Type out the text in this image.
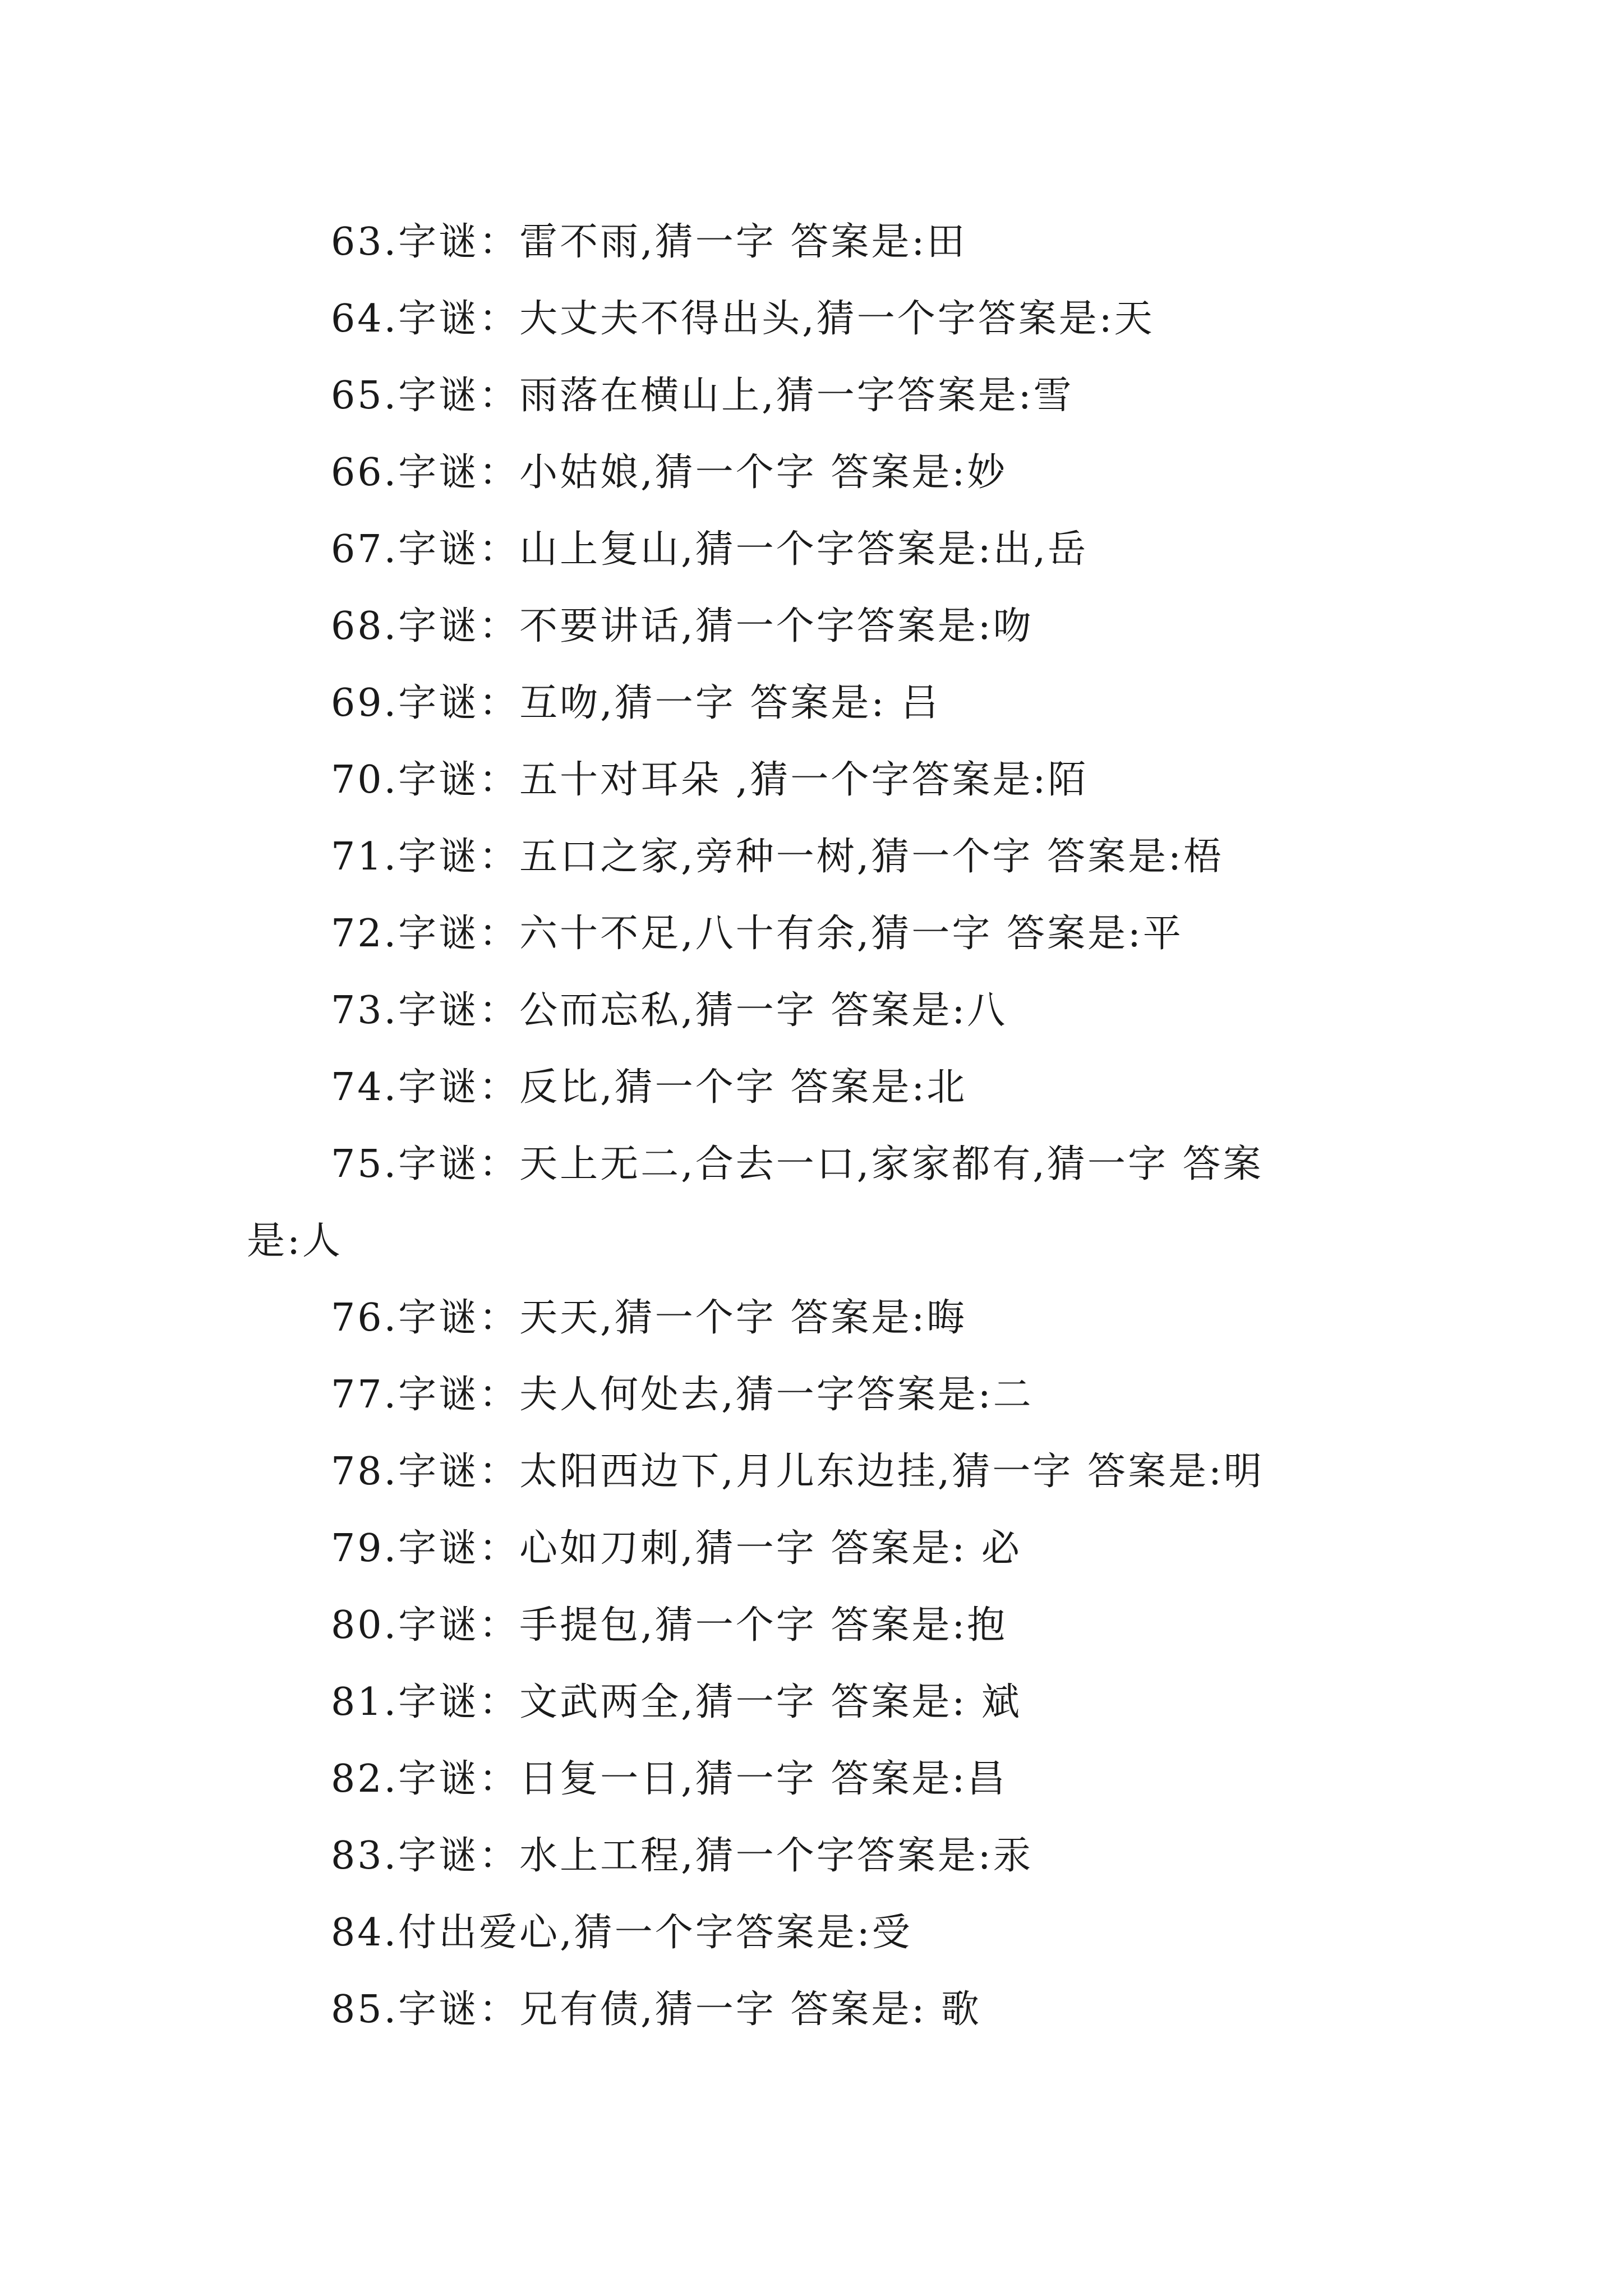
63.字谜：雷不雨,猜一字 答案是:田
64.字谜：大丈夫不得出头,猜一个字答案是:天
65.字谜：雨落在横山上,猜一字答案是:雪
66.字谜：小姑娘,猜一个字 答案是:妙
67.字谜：山上复山,猜一个字答案是:出,岳
68.字谜：不要讲话,猜一个字答案是:吻
69.字谜：互吻,猜一字 答案是: 吕
70.字谜：五十对耳朵 ,猜一个字答案是:陌
71.字谜：五口之家,旁种一树,猜一个字 答案是:梧
72.字谜：六十不足,八十有余,猜一字 答案是:平
73.字谜：公而忘私,猜一字 答案是:八
74.字谜：反比,猜一个字 答案是:北
75.字谜：天上无二,合去一口,家家都有,猜一字 答案
是:人
76.字谜：天天,猜一个字 答案是:晦
77.字谜：夫人何处去,猜一字答案是:二
78.字谜：太阳西边下,月儿东边挂,猜一字 答案是:明
79.字谜：心如刀刺,猜一字 答案是: 必
80.字谜：手提包,猜一个字 答案是:抱
81.字谜：文武两全,猜一字 答案是: 斌
82.字谜：日复一日,猜一字 答案是:昌
83.字谜：水上工程,猜一个字答案是:汞
84.付出爱心,猜一个字答案是:受
85.字谜：兄有债,猜一字 答案是: 歌
